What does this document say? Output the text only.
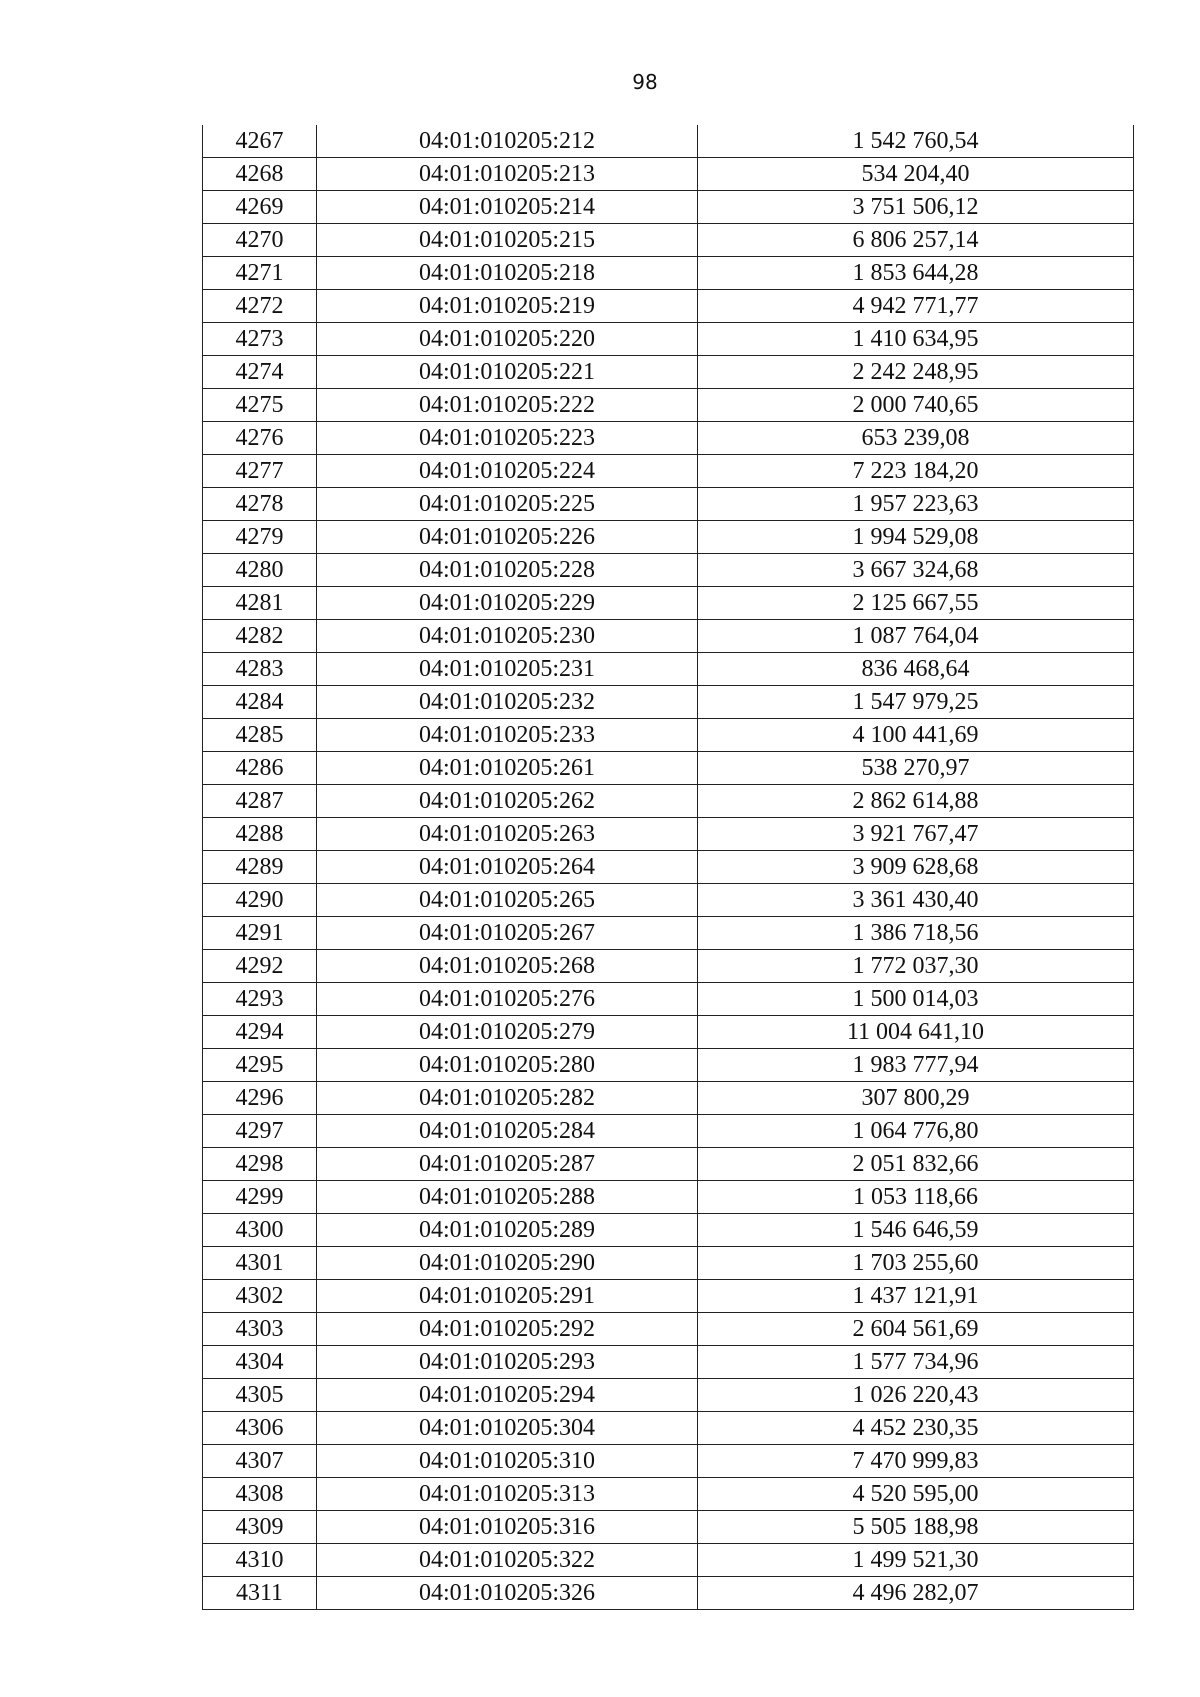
98
4267	04:01:010205:212	1 542 760,54
4268	04:01:010205:213	534 204,40
4269	04:01:010205:214	3 751 506,12
4270	04:01:010205:215	6 806 257,14
4271	04:01:010205:218	1 853 644,28
4272	04:01:010205:219	4 942 771,77
4273	04:01:010205:220	1 410 634,95
4274	04:01:010205:221	2 242 248,95
4275	04:01:010205:222	2 000 740,65
4276	04:01:010205:223	653 239,08
4277	04:01:010205:224	7 223 184,20
4278	04:01:010205:225	1 957 223,63
4279	04:01:010205:226	1 994 529,08
4280	04:01:010205:228	3 667 324,68
4281	04:01:010205:229	2 125 667,55
4282	04:01:010205:230	1 087 764,04
4283	04:01:010205:231	836 468,64
4284	04:01:010205:232	1 547 979,25
4285	04:01:010205:233	4 100 441,69
4286	04:01:010205:261	538 270,97
4287	04:01:010205:262	2 862 614,88
4288	04:01:010205:263	3 921 767,47
4289	04:01:010205:264	3 909 628,68
4290	04:01:010205:265	3 361 430,40
4291	04:01:010205:267	1 386 718,56
4292	04:01:010205:268	1 772 037,30
4293	04:01:010205:276	1 500 014,03
4294	04:01:010205:279	11 004 641,10
4295	04:01:010205:280	1 983 777,94
4296	04:01:010205:282	307 800,29
4297	04:01:010205:284	1 064 776,80
4298	04:01:010205:287	2 051 832,66
4299	04:01:010205:288	1 053 118,66
4300	04:01:010205:289	1 546 646,59
4301	04:01:010205:290	1 703 255,60
4302	04:01:010205:291	1 437 121,91
4303	04:01:010205:292	2 604 561,69
4304	04:01:010205:293	1 577 734,96
4305	04:01:010205:294	1 026 220,43
4306	04:01:010205:304	4 452 230,35
4307	04:01:010205:310	7 470 999,83
4308	04:01:010205:313	4 520 595,00
4309	04:01:010205:316	5 505 188,98
4310	04:01:010205:322	1 499 521,30
4311	04:01:010205:326	4 496 282,07
